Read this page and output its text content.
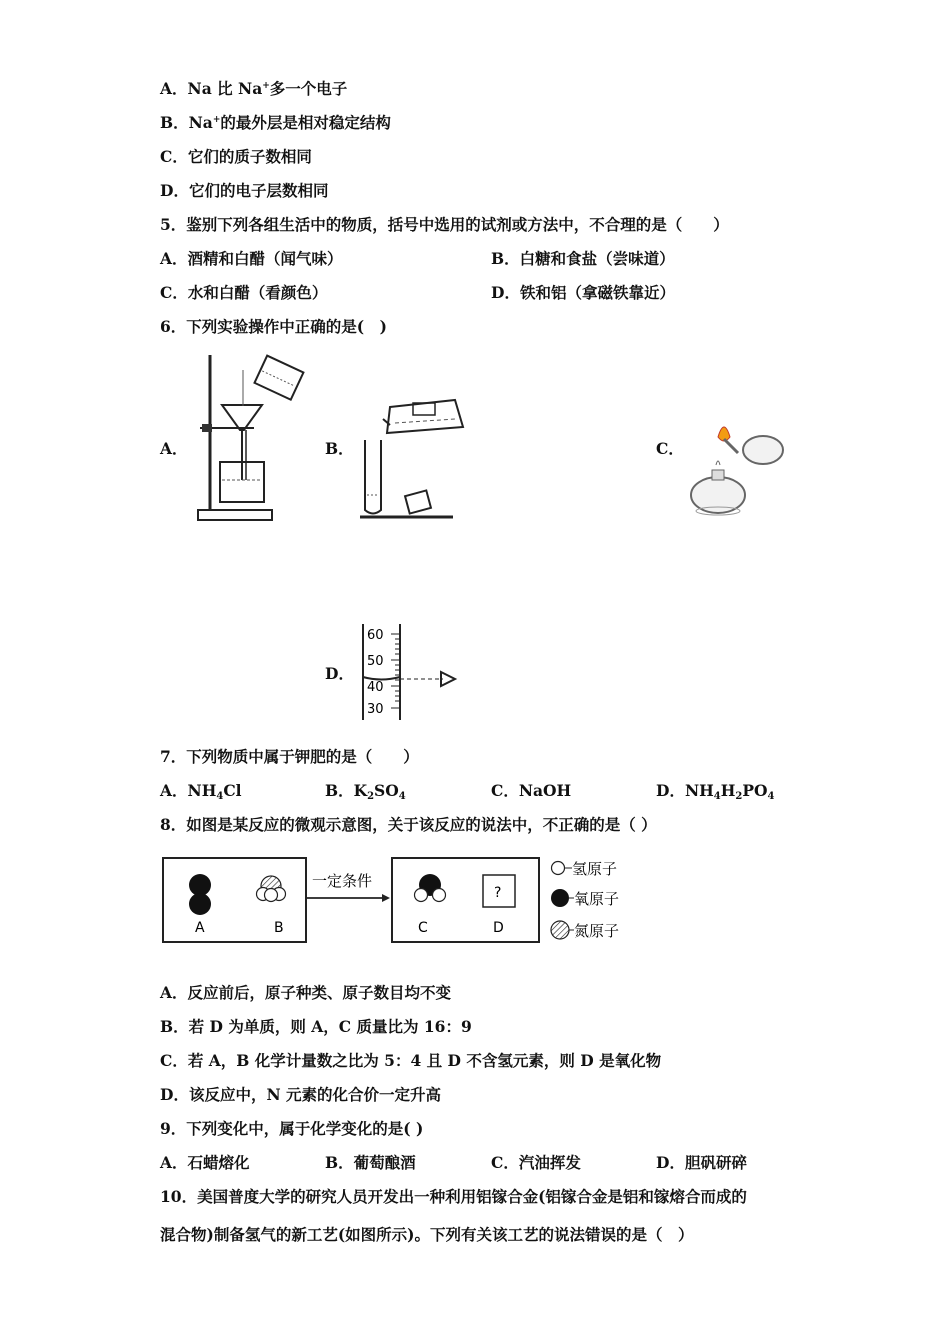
A．Na 比 Na+多一个电子
B．Na+的最外层是相对稳定结构
C．它们的质子数相同
D．它们的电子层数相同
5．鉴别下列各组生活中的物质，括号中选用的试剂或方法中，不合理的是（　　）
A．酒精和白醋（闻气味）	B．白糖和食盐（尝味道）
C．水和白醋（看颜色）	D．铁和铝（拿磁铁靠近）
6．下列实验操作中正确的是(　)
A．	B．	C．
D．
60
50
40
30
7．下列物质中属于钾肥的是（　　）
A．$NH_4Cl$	B．$K_2SO_4$	C．NaOH	D．$NH_4H_2PO_4$
8．如图是某反应的微观示意图，关于该反应的说法中，不正确的是（ ）
A	B
一定条件
C
?
D
氢原子
氧原子
氮原子
A．反应前后，原子种类、原子数目均不变
B．若 D 为单质，则 A，C 质量比为 16：9
C．若 A，B 化学计量数之比为 5：4 且 D 不含氢元素，则 D 是氧化物
D．该反应中，N 元素的化合价一定升高
9．下列变化中，属于化学变化的是( )
A．石蜡熔化	B．葡萄酿酒	C．汽油挥发	D．胆矾研碎
10．美国普度大学的研究人员开发出一种利用铝镓合金(铝镓合金是铝和镓熔合而成的
混合物)制备氢气的新工艺(如图所示)。下列有关该工艺的说法错误的是（　）
